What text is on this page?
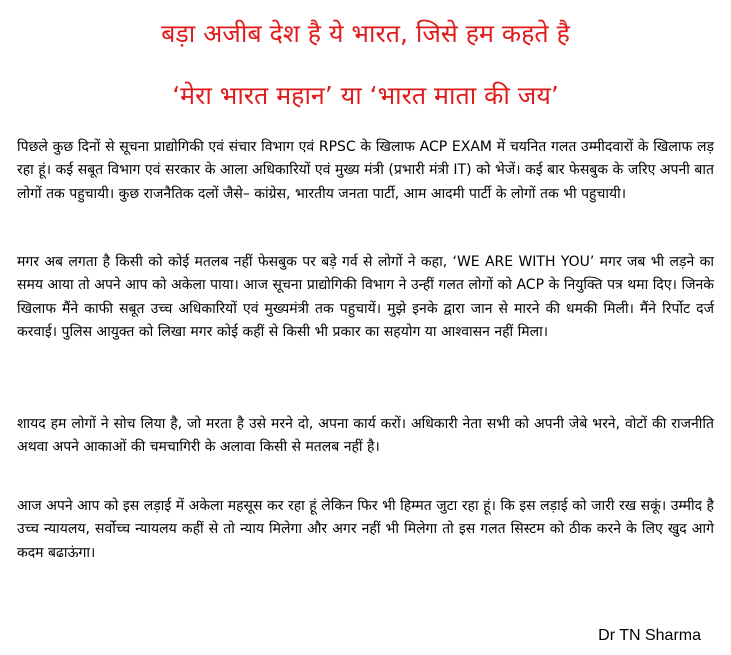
बड़ा अजीब देश है ये भारत, जिसे हम कहते है
‘मेरा भारत महान’ या ‘भारत माता की जय’

पिछले कुछ दिनों से सूचना प्राद्योगिकी एवं संचार विभाग एवं RPSC के खिलाफ ACP EXAM में चयनित गलत उम्मीदवारों के खिलाफ लड़ रहा हूं। कई सबूत विभाग एवं सरकार के आला अधिकारियों एवं मुख्य मंत्री (प्रभारी मंत्री IT) को भेजें। कई बार फेसबुक के जरिए अपनी बात लोगों तक पहुचायी। कुछ राजनैतिक दलों जैसे– कांग्रेस, भारतीय जनता पार्टी, आम आदमी पार्टी के लोगों तक भी पहुचायी।

मगर अब लगता है किसी को कोई मतलब नहीं फेसबुक पर बड़े गर्व से लोगों ने कहा, ‘WE ARE WITH YOU’ मगर जब भी लड़ने का समय आया तो अपने आप को अकेला पाया। आज सूचना प्राद्योगिकी विभाग ने उन्हीं गलत लोगों को ACP के नियुक्ति पत्र थमा दिए। जिनके खिलाफ मैंने काफी सबूत उच्च अधिकारियों एवं मुख्यमंत्री तक पहुचायें। मुझे इनके द्वारा जान से मारने की धमकी मिली। मैंने रिर्पोट दर्ज करवाई। पुलिस आयुक्त को लिखा मगर कोई कहीं से किसी भी प्रकार का सहयोग या आश्वासन नहीं मिला।

शायद हम लोगों ने सोच लिया है, जो मरता है उसे मरने दो, अपना कार्य करों। अधिकारी नेता सभी को अपनी जेबे भरने, वोटों की राजनीति अथवा अपने आकाओं की चमचागिरी के अलावा किसी से मतलब नहीं है।

आज अपने आप को इस लड़ाई में अकेला महसूस कर रहा हूं लेकिन फिर भी हिम्मत जुटा रहा हूं। कि इस लड़ाई को जारी रख सकूं। उम्मीद है उच्च न्यायलय, सर्वोच्च न्यायलय कहीं से तो न्याय मिलेगा और अगर नहीं भी मिलेगा तो इस गलत सिस्टम को ठीक करने के लिए खुद आगे कदम बढाऊंगा।

Dr TN Sharma
